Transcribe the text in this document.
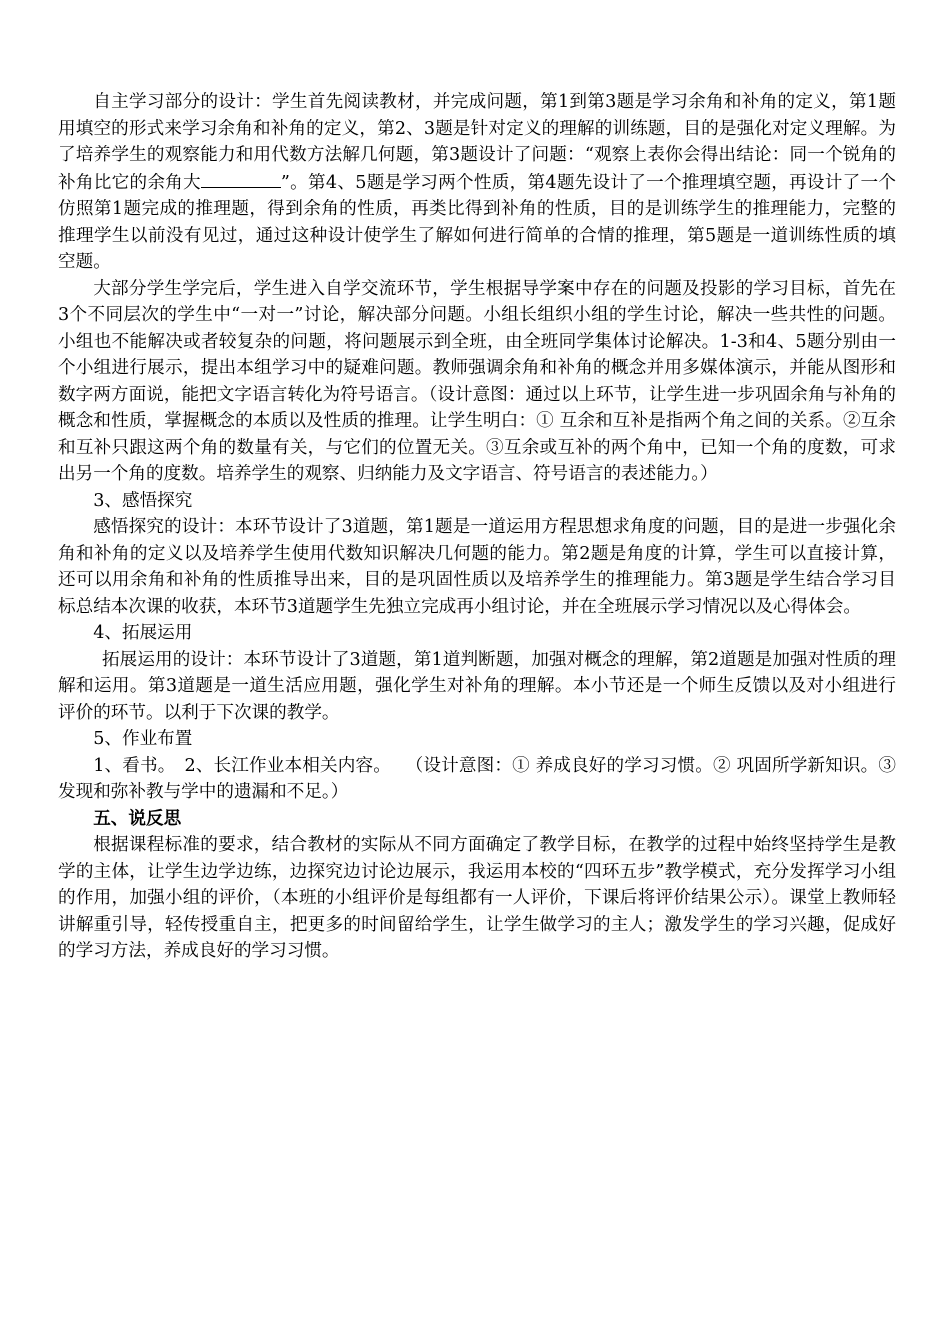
自主学习部分的设计：学生首先阅读教材，并完成问题，第1到第3题是学习余角和补角的定义，第1题用填空的形式来学习余角和补角的定义，第2、3题是针对定义的理解的训练题，目的是强化对定义理解。为了培养学生的观察能力和用代数方法解几何题，第3题设计了问题：“观察上表你会得出结论：同一个锐角的补角比它的余角大	”。第4、5题是学习两个性质，第4题先设计了一个推理填空题，再设计了一个仿照第1题完成的推理题，得到余角的性质，再类比得到补角的性质，目的是训练学生的推理能力，完整的推理学生以前没有见过，通过这种设计使学生了解如何进行简单的合情的推理，第5题是一道训练性质的填空题。

大部分学生学完后，学生进入自学交流环节，学生根据导学案中存在的问题及投影的学习目标，首先在3个不同层次的学生中“一对一”讨论，解决部分问题。小组长组织小组的学生讨论，解决一些共性的问题。小组也不能解决或者较复杂的问题，将问题展示到全班，由全班同学集体讨论解决。1-3和4、5题分别由一个小组进行展示，提出本组学习中的疑难问题。教师强调余角和补角的概念并用多媒体演示，并能从图形和数字两方面说，能把文字语言转化为符号语言。（设计意图：通过以上环节，让学生进一步巩固余角与补角的概念和性质，掌握概念的本质以及性质的推理。让学生明白：① 互余和互补是指两个角之间的关系。②互余和互补只跟这两个角的数量有关，与它们的位置无关。③互余或互补的两个角中，已知一个角的度数，可求出另一个角的度数。培养学生的观察、归纳能力及文字语言、符号语言的表述能力。）

3、感悟探究

感悟探究的设计：本环节设计了3道题，第1题是一道运用方程思想求角度的问题，目的是进一步强化余角和补角的定义以及培养学生使用代数知识解决几何题的能力。第2题是角度的计算，学生可以直接计算，还可以用余角和补角的性质推导出来，目的是巩固性质以及培养学生的推理能力。第3题是学生结合学习目标总结本次课的收获，本环节3道题学生先独立完成再小组讨论，并在全班展示学习情况以及心得体会。

4、拓展运用

拓展运用的设计：本环节设计了3道题，第1道判断题，加强对概念的理解，第2道题是加强对性质的理解和运用。第3道题是一道生活应用题，强化学生对补角的理解。本小节还是一个师生反馈以及对小组进行评价的环节。以利于下次课的教学。

5、作业布置

1、看书。　2、长江作业本相关内容。　 （设计意图：① 养成良好的学习习惯。② 巩固所学新知识。③ 发现和弥补教与学中的遗漏和不足。）

五、说反思

根据课程标准的要求，结合教材的实际从不同方面确定了教学目标，在教学的过程中始终坚持学生是教学的主体，让学生边学边练，边探究边讨论边展示，我运用本校的“四环五步”教学模式，充分发挥学习小组的作用，加强小组的评价，（本班的小组评价是每组都有一人评价，下课后将评价结果公示）。课堂上教师轻讲解重引导，轻传授重自主，把更多的时间留给学生，让学生做学习的主人；激发学生的学习兴趣，促成好的学习方法，养成良好的学习习惯。
